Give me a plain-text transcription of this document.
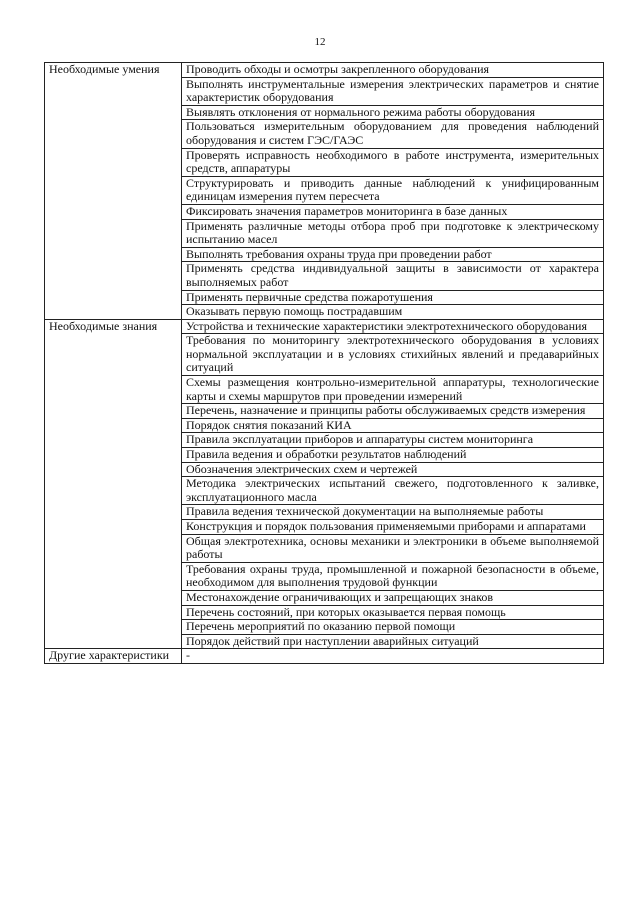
12
Необходимые умения	Проводить обходы и осмотры закрепленного оборудования
	Выполнять инструментальные измерения электрических параметров и снятие характеристик оборудования
	Выявлять отклонения от нормального режима работы оборудования
	Пользоваться измерительным оборудованием для проведения наблюдений оборудования и систем ГЭС/ГАЭС
	Проверять исправность необходимого в работе инструмента, измерительных средств, аппаратуры
	Структурировать и приводить данные наблюдений к унифицированным единицам измерения путем пересчета
	Фиксировать значения параметров мониторинга в базе данных
	Применять различные методы отбора проб при подготовке к электрическому испытанию масел
	Выполнять требования охраны труда при проведении работ
	Применять средства индивидуальной защиты в зависимости от характера выполняемых работ
	Применять первичные средства пожаротушения
	Оказывать первую помощь пострадавшим
Необходимые знания	Устройства и технические характеристики электротехнического оборудования
	Требования по мониторингу электротехнического оборудования в условиях нормальной эксплуатации и в условиях стихийных явлений и предаварийных ситуаций
	Схемы размещения контрольно-измерительной аппаратуры, технологические карты и схемы маршрутов при проведении измерений
	Перечень, назначение и принципы работы обслуживаемых средств измерения
	Порядок снятия показаний КИА
	Правила эксплуатации приборов и аппаратуры систем мониторинга
	Правила ведения и обработки результатов наблюдений
	Обозначения электрических схем и чертежей
	Методика электрических испытаний свежего, подготовленного к заливке, эксплуатационного масла
	Правила ведения технической документации на выполняемые работы
	Конструкция и порядок пользования применяемыми приборами и аппаратами
	Общая электротехника, основы механики и электроники в объеме выполняемой работы
	Требования охраны труда, промышленной и пожарной безопасности в объеме, необходимом для выполнения трудовой функции
	Местонахождение ограничивающих и запрещающих знаков
	Перечень состояний, при которых оказывается первая помощь
	Перечень мероприятий по оказанию первой помощи
	Порядок действий при наступлении аварийных ситуаций
Другие характеристики	-
